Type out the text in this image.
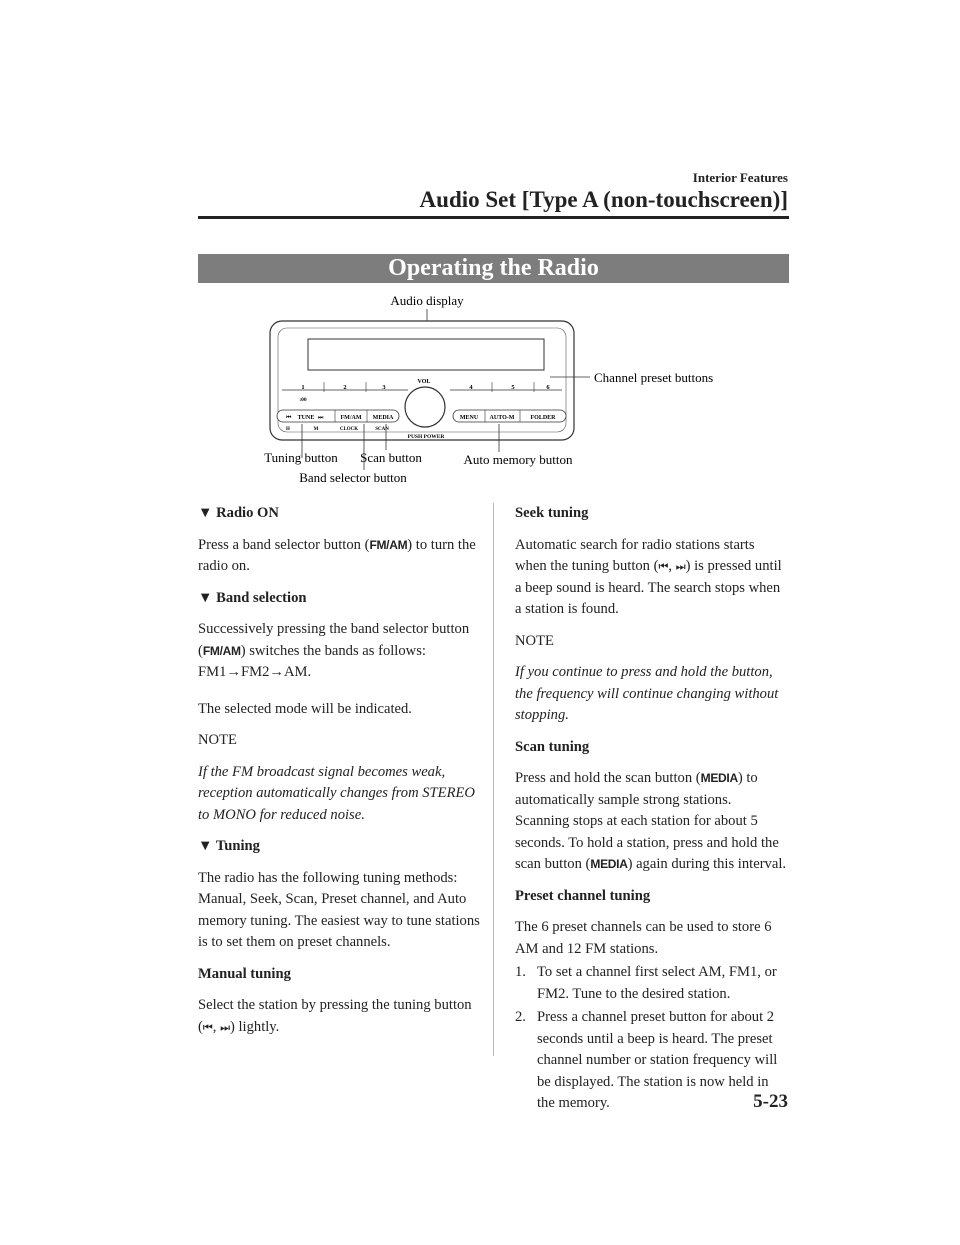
Interior Features
Audio Set [Type A (non-touchscreen)]
Operating the Radio
Audio display
1	2	3	4	5	6
:00
VOL
PUSH POWER
TUNE
⏮	⏭	FM/AM MEDIA
H	M	CLOCK	SCAN
MENU AUTO-M	FOLDER
Channel preset buttons
Tuning button Scan button
Band selector button
Auto memory button
▼ Radio ON

Press a band selector button (FM/AM) to turn the radio on.

▼ Band selection

Successively pressing the band selector button (FM/AM) switches the bands as follows: FM1→FM2→AM.

The selected mode will be indicated.

NOTE

If the FM broadcast signal becomes weak, reception automatically changes from STEREO to MONO for reduced noise.

▼ Tuning

The radio has the following tuning methods: Manual, Seek, Scan, Preset channel, and Auto memory tuning. The easiest way to tune stations is to set them on preset channels.

Manual tuning

Select the station by pressing the tuning button (⏮, ⏭) lightly.

Seek tuning

Automatic search for radio stations starts when the tuning button (⏮, ⏭) is pressed until a beep sound is heard. The search stops when a station is found.

NOTE

If you continue to press and hold the button, the frequency will continue changing without stopping.

Scan tuning

Press and hold the scan button (MEDIA) to automatically sample strong stations. Scanning stops at each station for about 5 seconds. To hold a station, press and hold the scan button (MEDIA) again during this interval.

Preset channel tuning

The 6 preset channels can be used to store 6 AM and 12 FM stations.

1. To set a channel first select AM, FM1, or FM2. Tune to the desired station.
2. Press a channel preset button for about 2 seconds until a beep is heard. The preset channel number or station frequency will be displayed. The station is now held in the memory.	5-23
